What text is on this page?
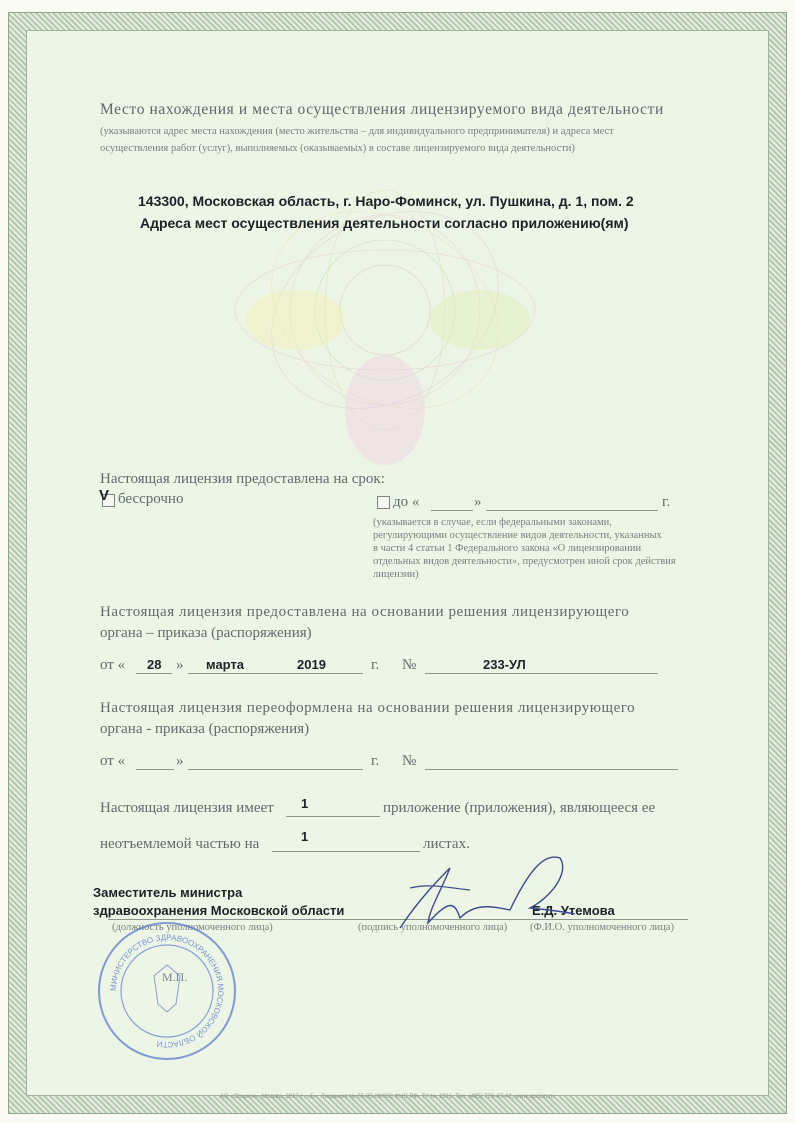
Место нахождения и места осуществления лицензируемого вида деятельности
(указываются адрес места нахождения (место жительства – для индивидуального предпринимателя) и адреса мест
осуществления работ (услуг), выполняемых (оказываемых) в составе лицензируемого вида деятельности)
143300, Московская область, г. Наро-Фоминск, ул. Пушкина, д. 1, пом. 2
Адреса мест осуществления деятельности согласно приложению(ям)
Настоящая лицензия предоставлена на срок:
V бессрочно	до «	»	г.
(указывается в случае, если федеральными законами,
регулирующими осуществление видов деятельности, указанных
в части 4 статьи 1 Федерального закона «О лицензировании
отдельных видов деятельности», предусмотрен иной срок действия
лицензии)
Настоящая лицензия предоставлена на основании решения лицензирующего
органа – приказа (распоряжения)
от « 28 » марта	2019	г. №	233-УЛ
Настоящая лицензия переоформлена на основании решения лицензирующего
органа - приказа (распоряжения)
от «	»	г. №
Настоящая лицензия имеет 1	приложение (приложения), являющееся ее
неотъемлемой частью на	1	листах.
Заместитель министра
здравоохранения Московской области	Е.Д. Утемова
(должность уполномоченного лица)	(подпись уполномоченного лица) (Ф.И.О. уполномоченного лица)
МИНИСТЕРСТВО ЗДРАВООХРАНЕНИЯ МОСКОВСКОЙ ОБЛАСТИ
М.П.
АО «Опцион», Москва, 2017 г., «Б», Лицензия № 05-05-09/003 ФНС РФ, ТУ № 1301. Тел. (495) 726-47-42, www.opcion.ru
